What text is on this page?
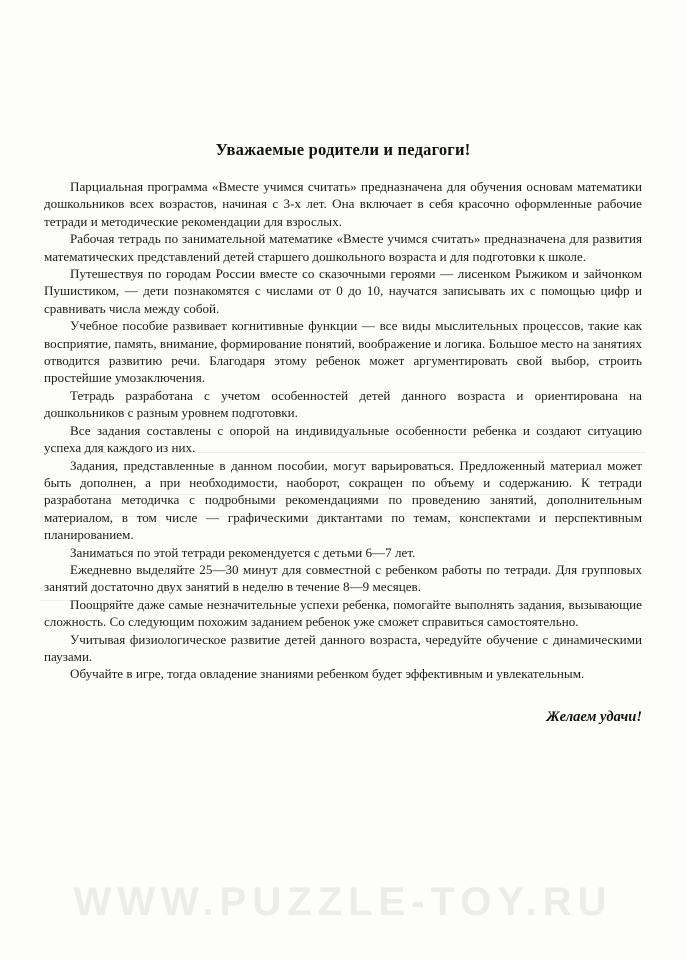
Уважаемые родители и педагоги!

Парциальная программа «Вместе учимся считать» предназначена для обучения основам математики дошкольников всех возрастов, начиная с 3-х лет. Она включает в себя красочно оформленные рабочие тетради и методические рекомендации для взрослых.

Рабочая тетрадь по занимательной математике «Вместе учимся считать» предназначена для развития математических представлений детей старшего дошкольного возраста и для подготовки к школе.

Путешествуя по городам России вместе со сказочными героями — лисенком Рыжиком и зайчонком Пушистиком, — дети познакомятся с числами от 0 до 10, научатся записывать их с помощью цифр и сравнивать числа между собой.

Учебное пособие развивает когнитивные функции — все виды мыслительных процессов, такие как восприятие, память, внимание, формирование понятий, воображение и логика. Большое место на занятиях отводится развитию речи. Благодаря этому ребенок может аргументировать свой выбор, строить простейшие умозаключения.

Тетрадь разработана с учетом особенностей детей данного возраста и ориентирована на дошкольников с разным уровнем подготовки.

Все задания составлены с опорой на индивидуальные особенности ребенка и создают ситуацию успеха для каждого из них.

Задания, представленные в данном пособии, могут варьироваться. Предложенный материал может быть дополнен, а при необходимости, наоборот, сокращен по объему и содержанию. К тетради разработана методичка с подробными рекомендациями по проведению занятий, дополнительным материалом, в том числе — графическими диктантами по темам, конспектами и перспективным планированием.

Заниматься по этой тетради рекомендуется с детьми 6—7 лет.

Ежедневно выделяйте 25—30 минут для совместной с ребенком работы по тетради. Для групповых занятий достаточно двух занятий в неделю в течение 8—9 месяцев.

Поощряйте даже самые незначительные успехи ребенка, помогайте выполнять задания, вызывающие сложность. Со следующим похожим заданием ребенок уже сможет справиться самостоятельно.

Учитывая физиологическое развитие детей данного возраста, чередуйте обучение с динамическими паузами.

Обучайте в игре, тогда овладение знаниями ребенком будет эффективным и увлекательным.

Желаем удачи!
WWW.PUZZLE-TOY.RU
